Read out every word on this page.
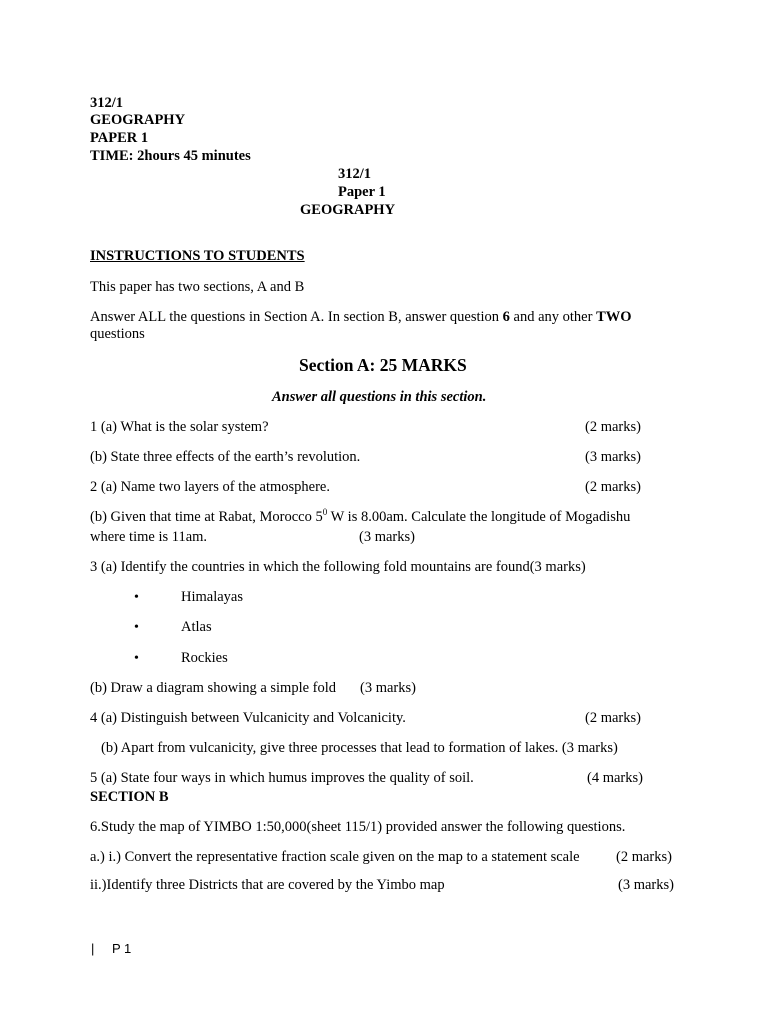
312/1
GEOGRAPHY
PAPER 1
TIME: 2hours 45 minutes
312/1
Paper 1
GEOGRAPHY
INSTRUCTIONS TO STUDENTS
This paper has two sections, A and B
Answer ALL the questions in Section A. In section B, answer question 6 and any other TWO
questions
Section A: 25 MARKS
Answer all questions in this section.
1 (a) What is the solar system?	(2 marks)
(b) State three effects of the earth’s revolution.	(3 marks)
2 (a) Name two layers of the atmosphere.	(2 marks)
(b) Given that time at Rabat, Morocco $5^0$ W is 8.00am. Calculate the longitude of Mogadishu
where time is 11am.	(3 marks)
3 (a) Identify the countries in which the following fold mountains are found(3 marks)
•	Himalayas
•	Atlas
•	Rockies
(b) Draw a diagram showing a simple fold (3 marks)
4 (a) Distinguish between Vulcanicity and Volcanicity.	(2 marks)
(b) Apart from vulcanicity, give three processes that lead to formation of lakes. (3 marks)
5 (a) State four ways in which humus improves the quality of soil.	(4 marks)
SECTION B
6.Study the map of YIMBO 1:50,000(sheet 115/1) provided answer the following questions.
a.) i.) Convert the representative fraction scale given on the map to a statement scale	(2 marks)
ii.)Identify three Districts that are covered by the Yimbo map	(3 marks)
| P 1
